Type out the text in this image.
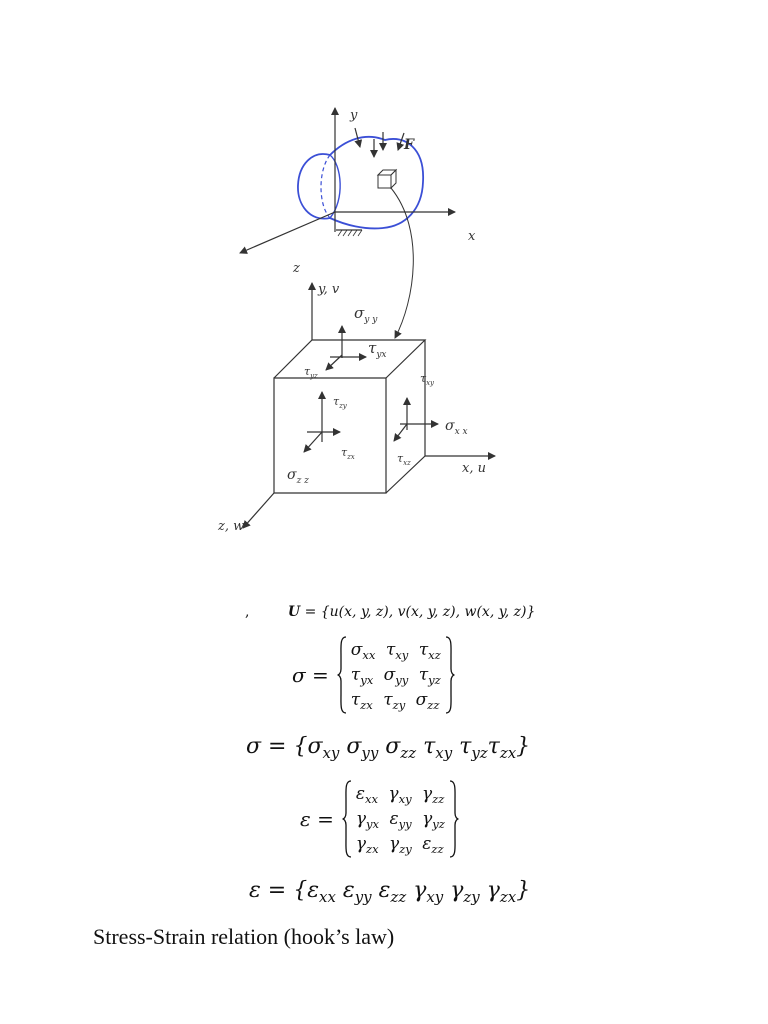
y
x
z
F
y, v
x, u
z, w
$\sigma_{y y}$
$\tau_{yx}$
$\tau_{yz}$	$\tau_{xy}$
$\tau_{zy}$
$\sigma_{x x}$
$\tau_{zx}$	$\tau_{xz}$
$\sigma_{z z}$
,	U = {u(x, y, z), v(x, y, z), w(x, y, z)}
σ =
$\sigma_{xx}$ $\tau_{xy}$ $\tau_{xz}$
$\tau_{yx}$ $\sigma_{yy}$ $\tau_{yz}$
$\tau_{zx}$ $\tau_{zy}$ $\sigma_{zz}$
$\sigma = \{\sigma_{xy}$ $\sigma_{yy}$ $\sigma_{zz}$ $\tau_{xy}$ $\tau_{yz}\tau_{zx}$}
ε =
$\varepsilon_{xx}$ $\gamma_{xy}$ $\gamma_{zz}$
$\gamma_{yx}$ $\varepsilon_{yy}$ $\gamma_{yz}$
$\gamma_{zx}$ $\gamma_{zy}$ $\varepsilon_{zz}$
$\varepsilon = \{\varepsilon_{xx}$ $\varepsilon_{yy}$ $\varepsilon_{zz}$ $\gamma_{xy}$ $\gamma_{zy}$ $\gamma_{zx}$}
Stress-Strain relation (hook’s law)
